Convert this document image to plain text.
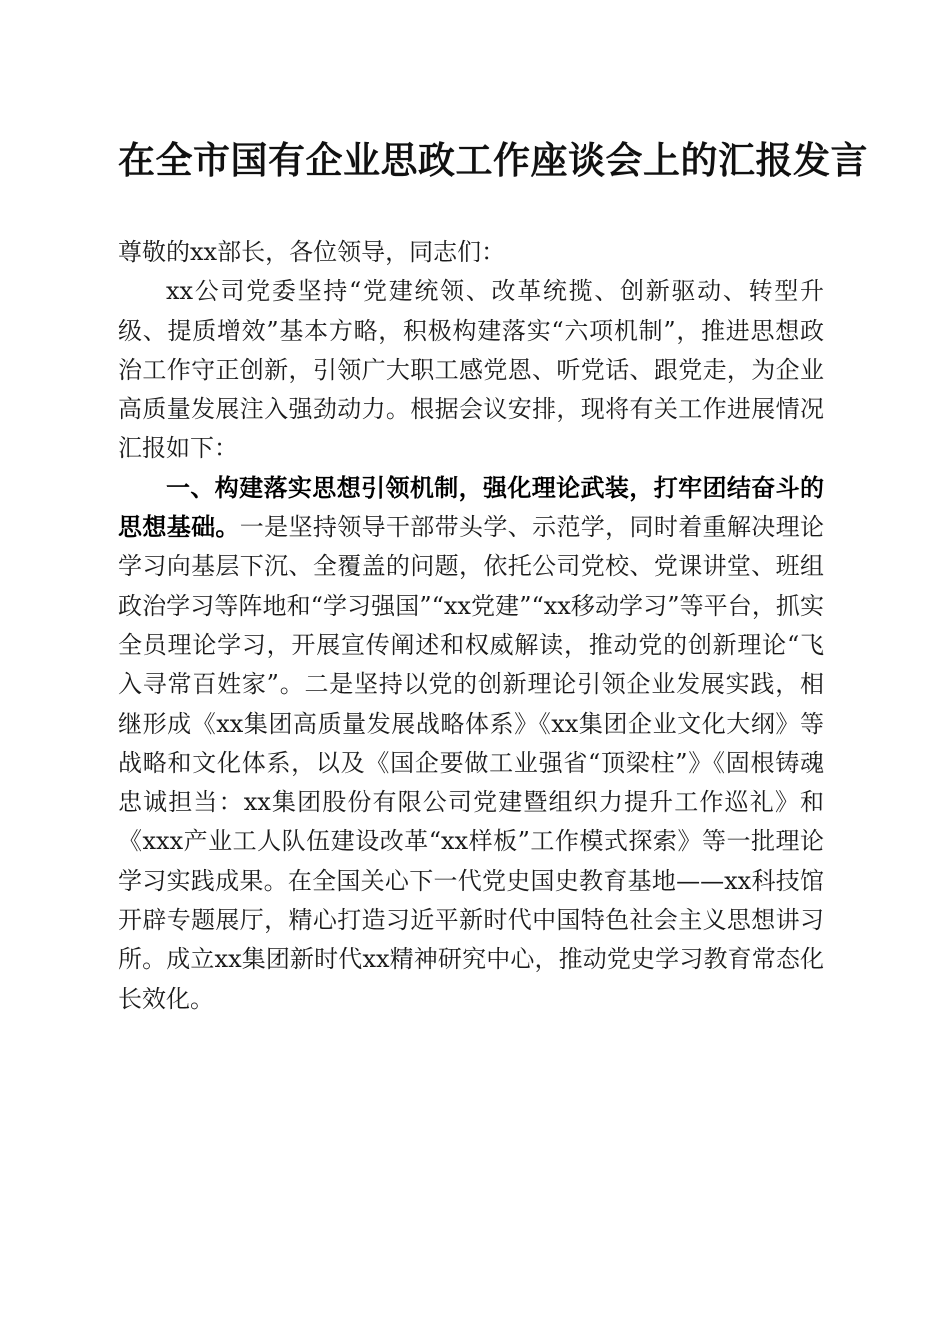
在全市国有企业思政工作座谈会上的汇报发言

尊敬的xx部长，各位领导，同志们：

xx公司党委坚持“党建统领、改革统揽、创新驱动、转型升级、提质增效”基本方略，积极构建落实“六项机制”，推进思想政治工作守正创新，引领广大职工感党恩、听党话、跟党走，为企业高质量发展注入强劲动力。根据会议安排，现将有关工作进展情况汇报如下：

一、构建落实思想引领机制，强化理论武装，打牢团结奋斗的思想基础。一是坚持领导干部带头学、示范学，同时着重解决理论学习向基层下沉、全覆盖的问题，依托公司党校、党课讲堂、班组政治学习等阵地和“学习强国”“xx党建”“xx移动学习”等平台，抓实全员理论学习，开展宣传阐述和权威解读，推动党的创新理论“飞入寻常百姓家”。二是坚持以党的创新理论引领企业发展实践，相继形成《xx集团高质量发展战略体系》《xx集团企业文化大纲》等战略和文化体系，以及《国企要做工业强省“顶梁柱”》《固根铸魂忠诚担当：xx集团股份有限公司党建暨组织力提升工作巡礼》和《xxx产业工人队伍建设改革“xx样板”工作模式探索》等一批理论学习实践成果。在全国关心下一代党史国史教育基地——xx科技馆开辟专题展厅，精心打造习近平新时代中国特色社会主义思想讲习所。成立xx集团新时代xx精神研究中心，推动党史学习教育常态化长效化。
